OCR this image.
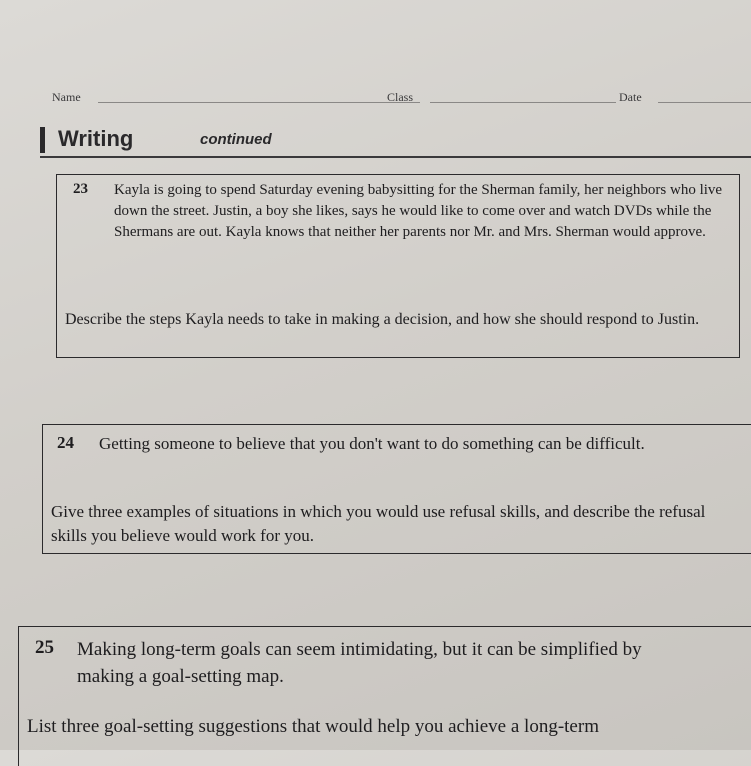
Name	Class	Date
Writing	continued
23 Kayla is going to spend Saturday evening babysitting for the Sherman family, her neighbors who live down the street. Justin, a boy she likes, says he would like to come over and watch DVDs while the Shermans are out. Kayla knows that neither her parents nor Mr. and Mrs. Sherman would approve.

Describe the steps Kayla needs to take in making a decision, and how she should respond to Justin.

24 Getting someone to believe that you don't want to do something can be difficult.

Give three examples of situations in which you would use refusal skills, and describe the refusal skills you believe would work for you.

25 Making long-term goals can seem intimidating, but it can be simplified by
making a goal-setting map.

List three goal-setting suggestions that would help you achieve a long-term
